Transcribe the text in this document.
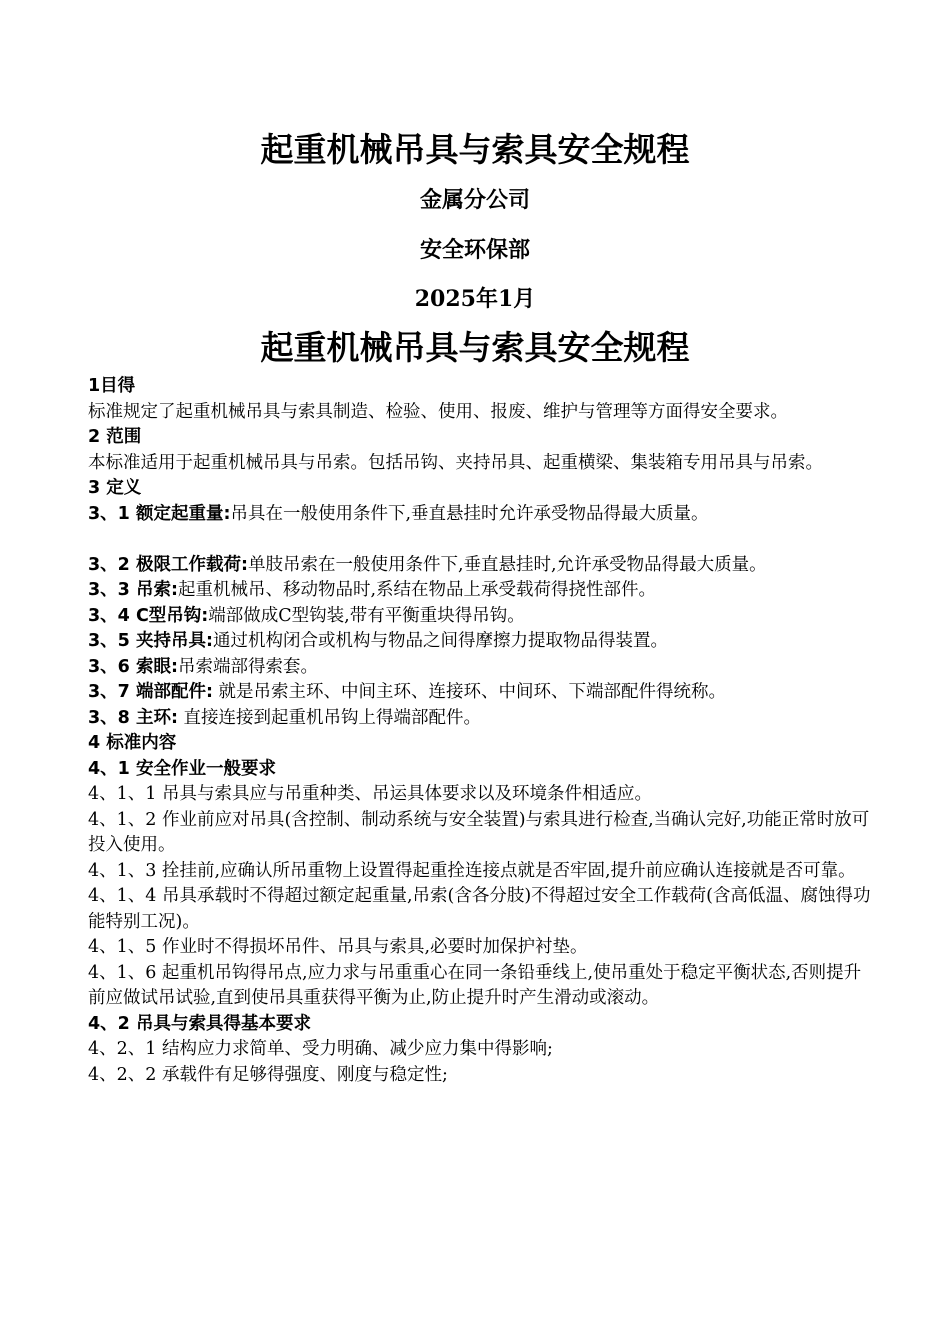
起重机械吊具与索具安全规程
金属分公司
安全环保部
2025年1月
起重机械吊具与索具安全规程

1目得

标准规定了起重机械吊具与索具制造、检验、使用、报废、维护与管理等方面得安全要求。

2 范围

本标准适用于起重机械吊具与吊索。包括吊钩、夹持吊具、起重横梁、集装箱专用吊具与吊索。

3 定义

3、1 额定起重量:吊具在一般使用条件下,垂直悬挂时允许承受物品得最大质量。

3、2 极限工作载荷:单肢吊索在一般使用条件下,垂直悬挂时,允许承受物品得最大质量。

3、3 吊索:起重机械吊、移动物品时,系结在物品上承受载荷得挠性部件。

3、4 C型吊钩:端部做成C型钩装,带有平衡重块得吊钩。

3、5 夹持吊具:通过机构闭合或机构与物品之间得摩擦力提取物品得装置。

3、6 索眼:吊索端部得索套。

3、7 端部配件: 就是吊索主环、中间主环、连接环、中间环、下端部配件得统称。

3、8 主环: 直接连接到起重机吊钩上得端部配件。

4 标准内容

4、1 安全作业一般要求

4、1、1 吊具与索具应与吊重种类、吊运具体要求以及环境条件相适应。

4、1、2 作业前应对吊具(含控制、制动系统与安全装置)与索具进行检查,当确认完好,功能正常时放可投入使用。

4、1、3 拴挂前,应确认所吊重物上设置得起重拴连接点就是否牢固,提升前应确认连接就是否可靠。

4、1、4 吊具承载时不得超过额定起重量,吊索(含各分肢)不得超过安全工作载荷(含高低温、腐蚀得功能特别工况)。

4、1、5 作业时不得损坏吊件、吊具与索具,必要时加保护衬垫。

4、1、6 起重机吊钩得吊点,应力求与吊重重心在同一条铅垂线上,使吊重处于稳定平衡状态,否则提升前应做试吊试验,直到使吊具重获得平衡为止,防止提升时产生滑动或滚动。

4、2 吊具与索具得基本要求

4、2、1 结构应力求简单、受力明确、减少应力集中得影响;

4、2、2 承载件有足够得强度、刚度与稳定性;
